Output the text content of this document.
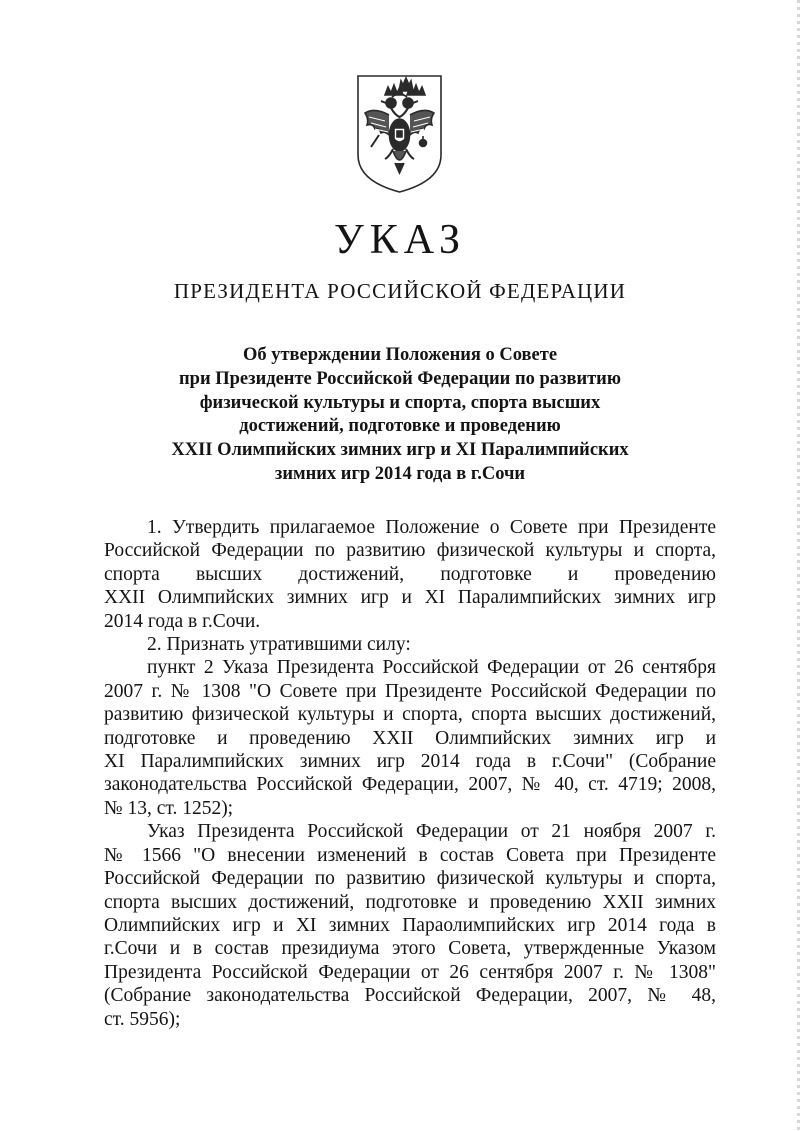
УКАЗ
ПРЕЗИДЕНТА РОССИЙСКОЙ ФЕДЕРАЦИИ
Об утверждении Положения о Совете
при Президенте Российской Федерации по развитию
физической культуры и спорта, спорта высших
достижений, подготовке и проведению
XXII Олимпийских зимних игр и XI Паралимпийских
зимних игр 2014 года в г.Сочи
1. Утвердить прилагаемое Положение о Совете при Президенте
Российской Федерации по развитию физической культуры и спорта,
спорта высших достижений, подготовке и проведению
XXII Олимпийских зимних игр и XI Паралимпийских зимних игр
2014 года в г.Сочи.
2. Признать утратившими силу:
пункт 2 Указа Президента Российской Федерации от 26 сентября
2007 г. № 1308 "О Совете при Президенте Российской Федерации по
развитию физической культуры и спорта, спорта высших достижений,
подготовке и проведению XXII Олимпийских зимних игр и
XI Паралимпийских зимних игр 2014 года в г.Сочи" (Собрание
законодательства Российской Федерации, 2007, № 40, ст. 4719; 2008,
№ 13, ст. 1252);
Указ Президента Российской Федерации от 21 ноября 2007 г.
№ 1566 "О внесении изменений в состав Совета при Президенте
Российской Федерации по развитию физической культуры и спорта,
спорта высших достижений, подготовке и проведению XXII зимних
Олимпийских игр и XI зимних Параолимпийских игр 2014 года в
г.Сочи и в состав президиума этого Совета, утвержденные Указом
Президента Российской Федерации от 26 сентября 2007 г. № 1308"
(Собрание законодательства Российской Федерации, 2007, № 48,
ст. 5956);
